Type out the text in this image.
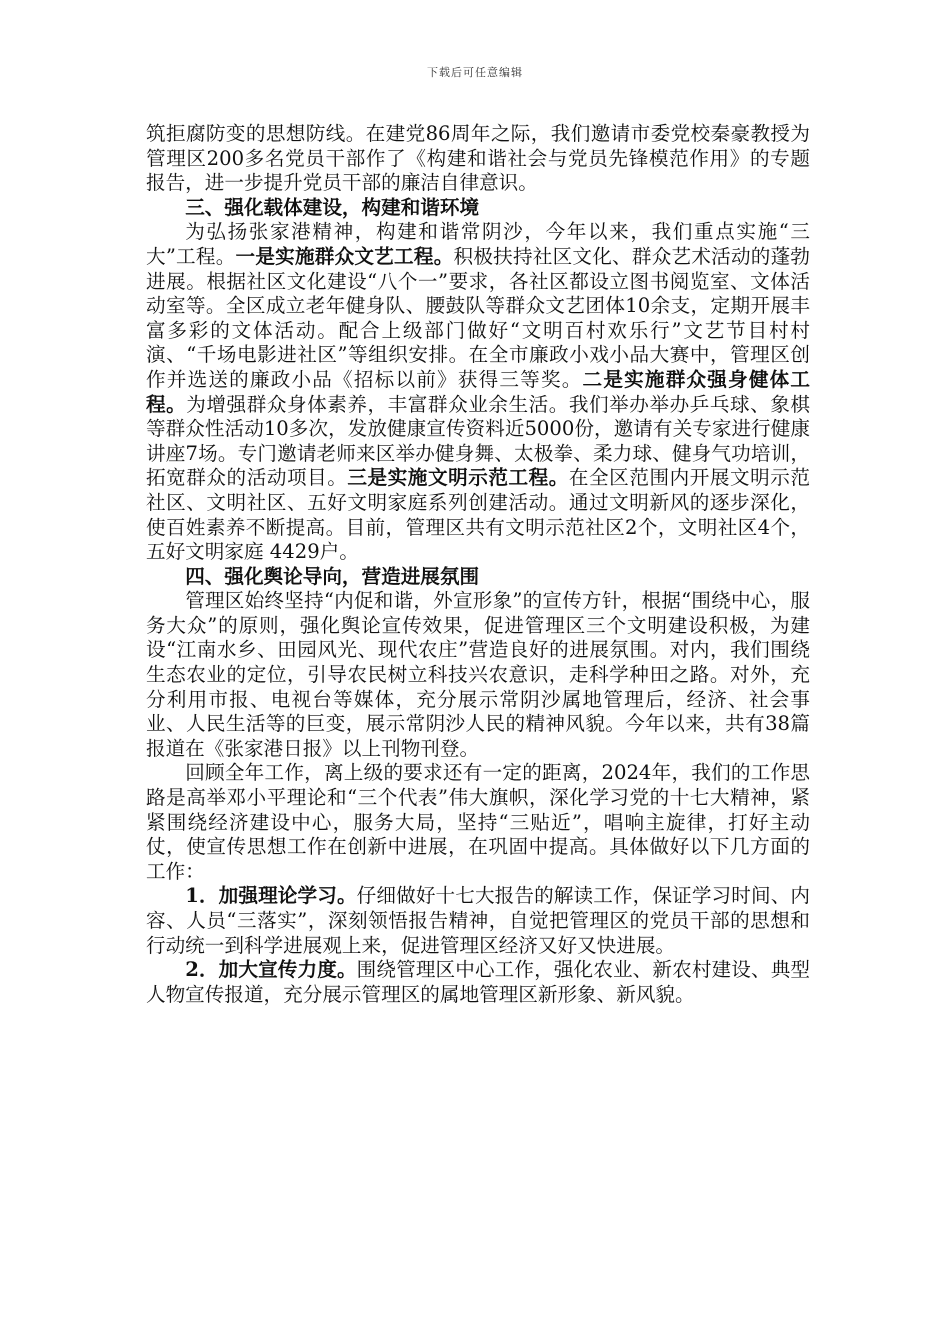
下载后可任意编辑

筑拒腐防变的思想防线。在建党86周年之际，我们邀请市委党校秦豪教授为管理区200多名党员干部作了《构建和谐社会与党员先锋模范作用》的专题报告，进一步提升党员干部的廉洁自律意识。

三、强化载体建设，构建和谐环境

为弘扬张家港精神，构建和谐常阴沙，今年以来，我们重点实施“三大”工程。一是实施群众文艺工程。积极扶持社区文化、群众艺术活动的蓬勃进展。根据社区文化建设“八个一”要求，各社区都设立图书阅览室、文体活动室等。全区成立老年健身队、腰鼓队等群众文艺团体10余支，定期开展丰富多彩的文体活动。配合上级部门做好“文明百村欢乐行”文艺节目村村演、“千场电影进社区”等组织安排。在全市廉政小戏小品大赛中，管理区创作并选送的廉政小品《招标以前》获得三等奖。二是实施群众强身健体工程。为增强群众身体素养，丰富群众业余生活。我们举办举办乒乓球、象棋等群众性活动10多次，发放健康宣传资料近5000份，邀请有关专家进行健康讲座7场。专门邀请老师来区举办健身舞、太极拳、柔力球、健身气功培训，拓宽群众的活动项目。三是实施文明示范工程。在全区范围内开展文明示范社区、文明社区、五好文明家庭系列创建活动。通过文明新风的逐步深化，使百姓素养不断提高。目前，管理区共有文明示范社区2个，文明社区4个，五好文明家庭 4429户。

四、强化舆论导向，营造进展氛围

管理区始终坚持“内促和谐，外宣形象”的宣传方针，根据“围绕中心，服务大众”的原则，强化舆论宣传效果，促进管理区三个文明建设积极，为建设“江南水乡、田园风光、现代农庄”营造良好的进展氛围。对内，我们围绕生态农业的定位，引导农民树立科技兴农意识，走科学种田之路。对外，充分利用市报、电视台等媒体，充分展示常阴沙属地管理后，经济、社会事业、人民生活等的巨变，展示常阴沙人民的精神风貌。今年以来，共有38篇报道在《张家港日报》以上刊物刊登。

回顾全年工作，离上级的要求还有一定的距离，2024年，我们的工作思路是高举邓小平理论和“三个代表”伟大旗帜，深化学习党的十七大精神，紧紧围绕经济建设中心，服务大局，坚持“三贴近”，唱响主旋律，打好主动仗，使宣传思想工作在创新中进展，在巩固中提高。具体做好以下几方面的工作：

1．加强理论学习。仔细做好十七大报告的解读工作，保证学习时间、内容、人员“三落实”，深刻领悟报告精神，自觉把管理区的党员干部的思想和行动统一到科学进展观上来，促进管理区经济又好又快进展。

2．加大宣传力度。围绕管理区中心工作，强化农业、新农村建设、典型人物宣传报道，充分展示管理区的属地管理区新形象、新风貌。
